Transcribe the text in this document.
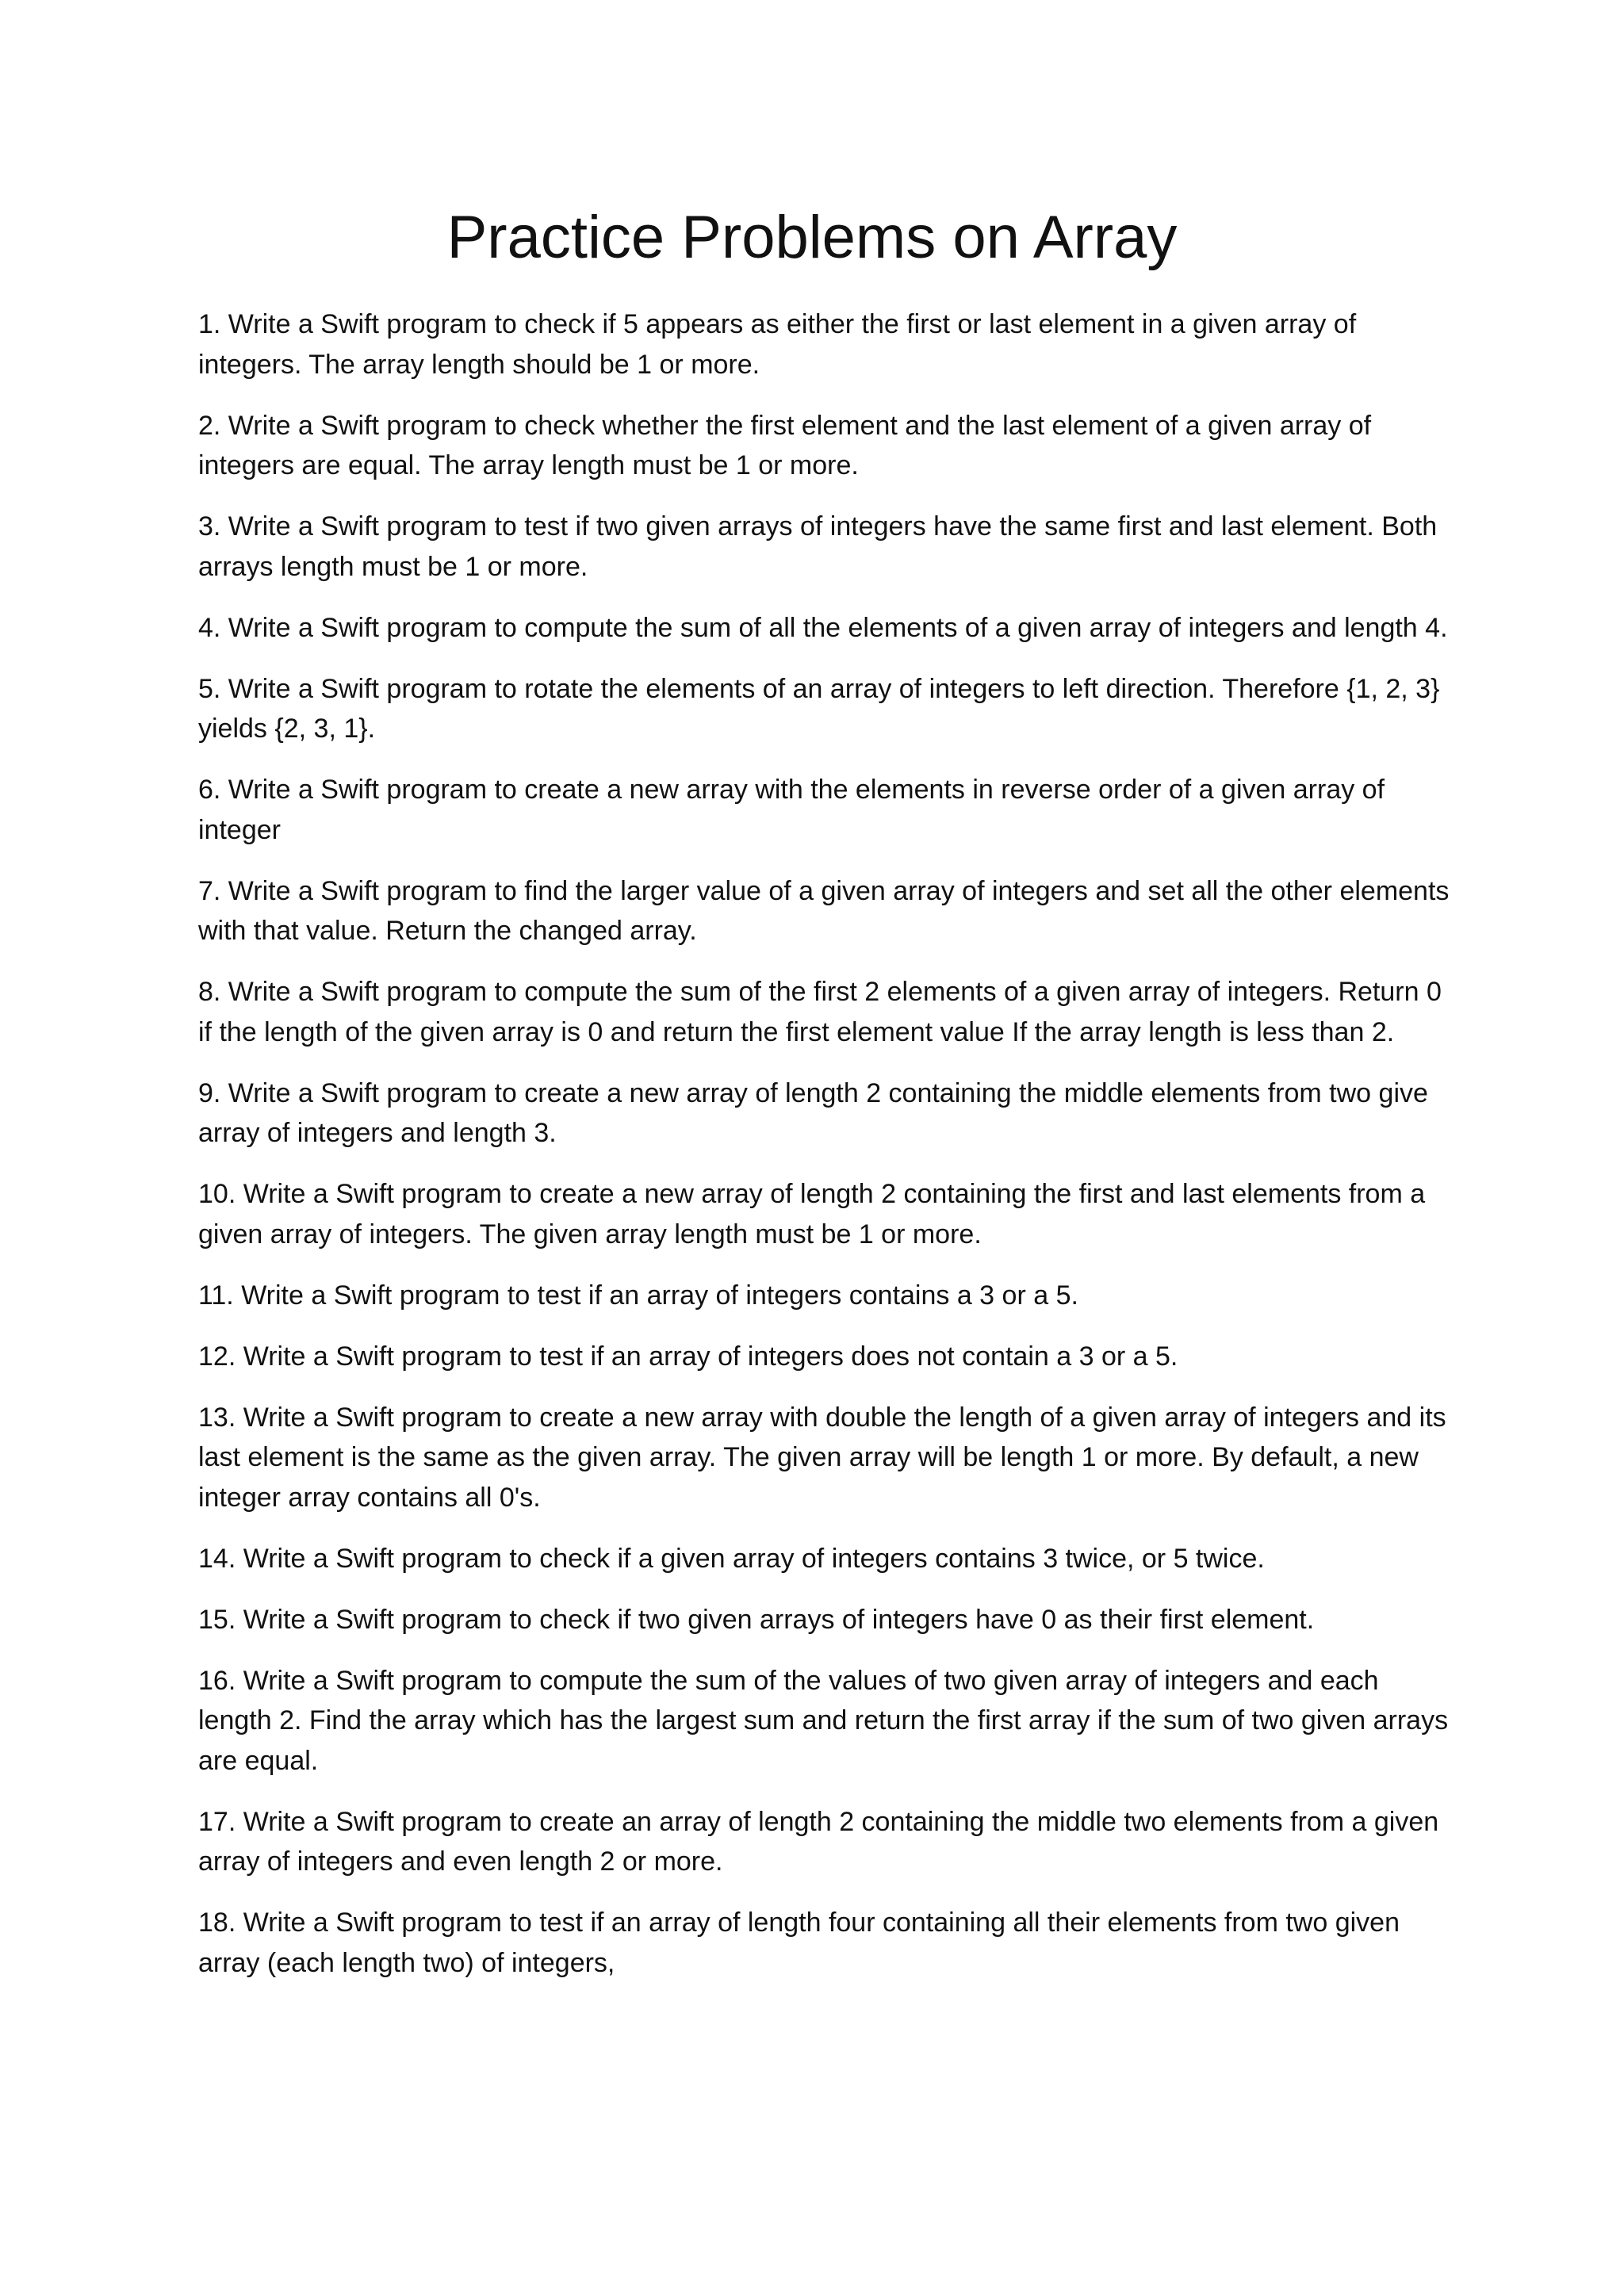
Practice Problems on Array
1. Write a Swift program to check if 5 appears as either the first or last element in a given array of integers. The array length should be 1 or more.
2. Write a Swift program to check whether the first element and the last element of a given array of integers are equal. The array length must be 1 or more.
3. Write a Swift program to test if two given arrays of integers have the same first and last element. Both arrays length must be 1 or more.
4. Write a Swift program to compute the sum of all the elements of a given array of integers and length 4.
5. Write a Swift program to rotate the elements of an array of integers to left direction. Therefore {1, 2, 3} yields {2, 3, 1}.
6. Write a Swift program to create a new array with the elements in reverse order of a given array of integer
7. Write a Swift program to find the larger value of a given array of integers and set all the other elements with that value. Return the changed array.
8. Write a Swift program to compute the sum of the first 2 elements of a given array of integers. Return 0 if the length of the given array is 0 and return the first element value If the array length is less than 2.
9. Write a Swift program to create a new array of length 2 containing the middle elements from two give array of integers and length 3.
10. Write a Swift program to create a new array of length 2 containing the first and last elements from a given array of integers. The given array length must be 1 or more.
11. Write a Swift program to test if an array of integers contains a 3 or a 5.
12. Write a Swift program to test if an array of integers does not contain a 3 or a 5.
13. Write a Swift program to create a new array with double the length of a given array of integers and its last element is the same as the given array. The given array will be length 1 or more. By default, a new integer array contains all 0's.
14. Write a Swift program to check if a given array of integers contains 3 twice, or 5 twice.
15. Write a Swift program to check if two given arrays of integers have 0 as their first element.
16. Write a Swift program to compute the sum of the values of two given array of integers and each length 2. Find the array which has the largest sum and return the first array if the sum of two given arrays are equal.
17. Write a Swift program to create an array of length 2 containing the middle two elements from a given array of integers and even length 2 or more.
18. Write a Swift program to test if an array of length four containing all their elements from two given array (each length two) of integers,
